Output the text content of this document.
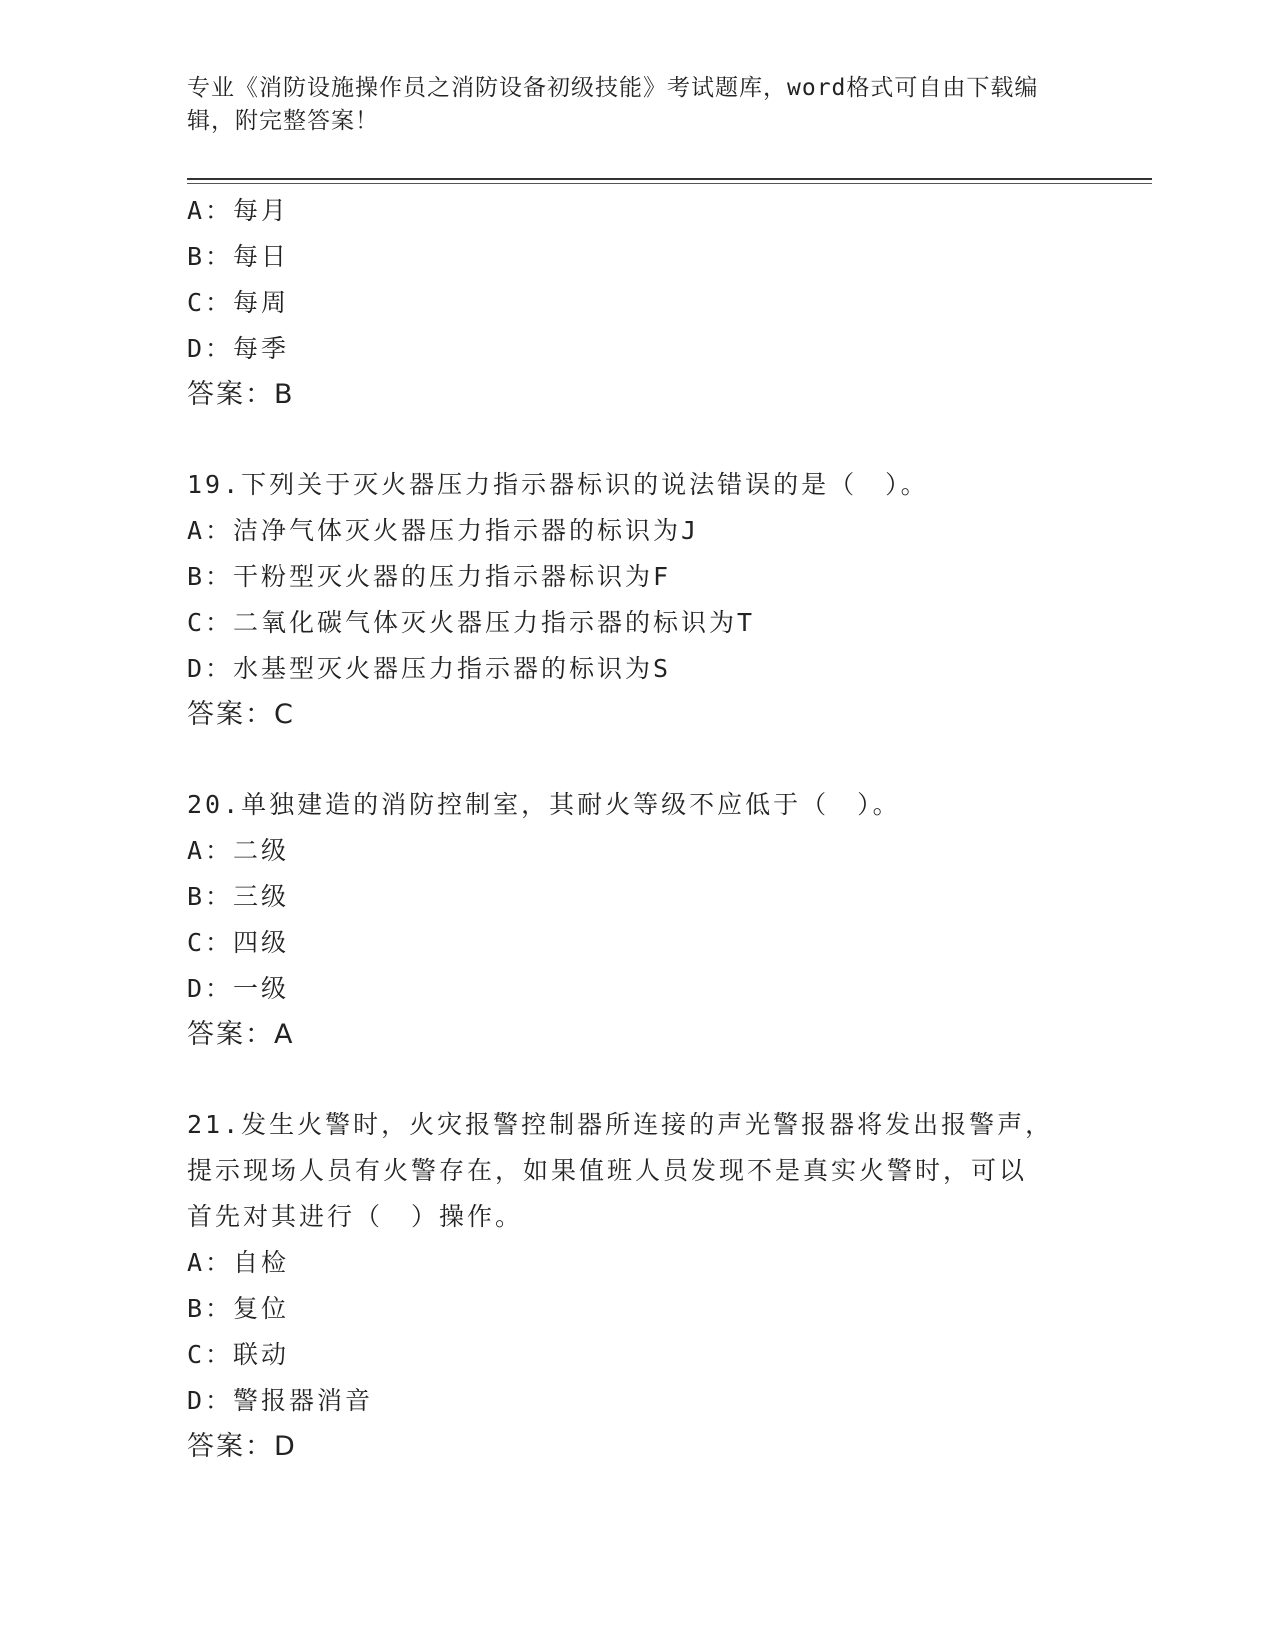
专业《消防设施操作员之消防设备初级技能》考试题库，word格式可自由下载编
辑，附完整答案！
A：每月
B：每日
C：每周
D：每季
答案：B
19.下列关于灭火器压力指示器标识的说法错误的是（　）。
A：洁净气体灭火器压力指示器的标识为J
B：干粉型灭火器的压力指示器标识为F
C：二氧化碳气体灭火器压力指示器的标识为T
D：水基型灭火器压力指示器的标识为S
答案：C
20.单独建造的消防控制室，其耐火等级不应低于（　）。
A：二级
B：三级
C：四级
D：一级
答案：A
21.发生火警时，火灾报警控制器所连接的声光警报器将发出报警声，
提示现场人员有火警存在，如果值班人员发现不是真实火警时，可以
首先对其进行（　）操作。
A：自检
B：复位
C：联动
D：警报器消音
答案：D
